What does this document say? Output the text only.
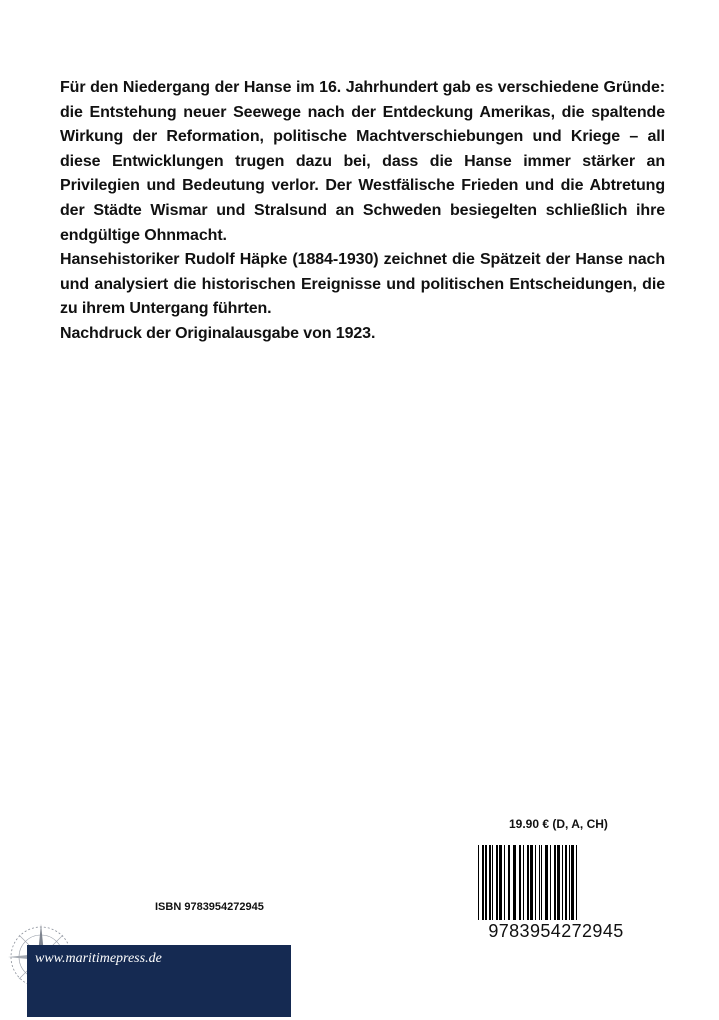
Für den Niedergang der Hanse im 16. Jahrhundert gab es verschiedene Gründe: die Entstehung neuer Seewege nach der Entdeckung Amerikas, die spaltende Wirkung der Reformation, politische Machtverschiebungen und Kriege – all diese Entwicklungen trugen dazu bei, dass die Hanse immer stärker an Privilegien und Bedeutung verlor. Der Westfälische Frieden und die Abtretung der Städte Wismar und Stralsund an Schweden besiegelten schließlich ihre endgültige Ohnmacht.

Hansehistoriker Rudolf Häpke (1884-1930) zeichnet die Spätzeit der Hanse nach und analysiert die historischen Ereignisse und politischen Entscheidungen, die zu ihrem Untergang führten.

Nachdruck der Originalausgabe von 1923.

19.90 € (D, A, CH)
9783954272945
ISBN 9783954272945
www.maritimepress.de
